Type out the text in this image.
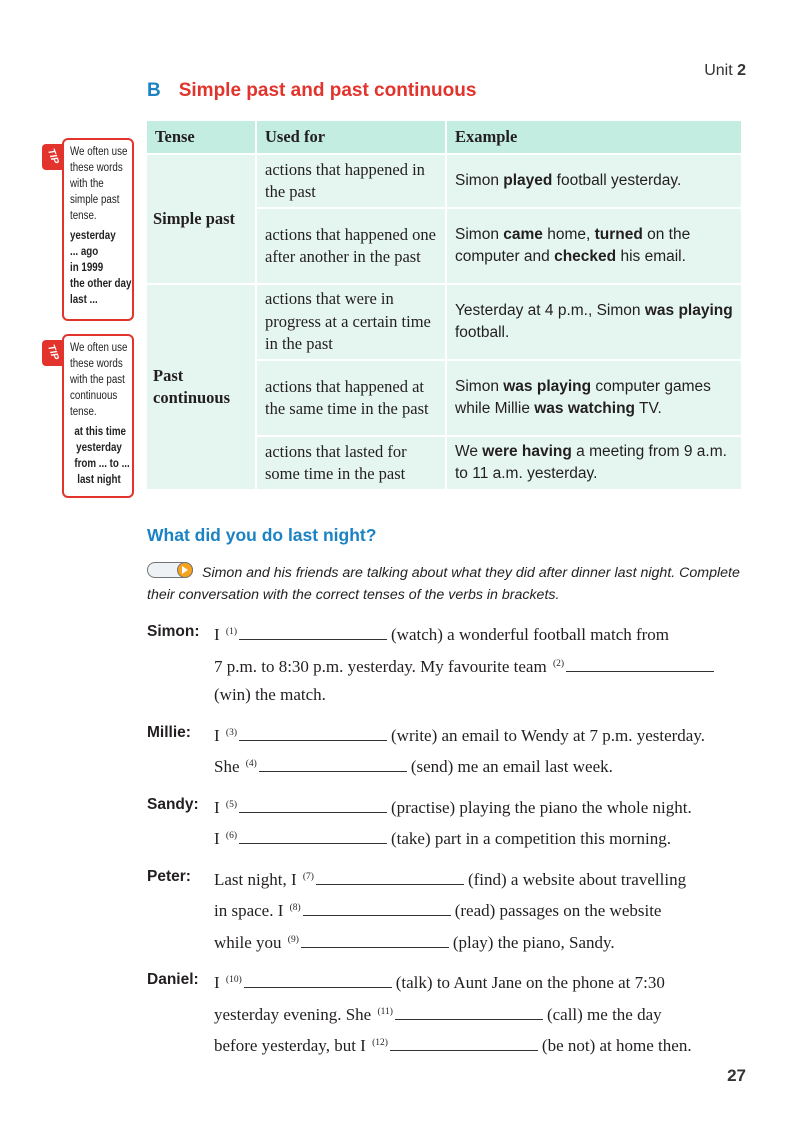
Unit 2
B Simple past and past continuous
Tense	Used for	Example
Simple past	actions that happened in the past	Simon played football yesterday.
	actions that happened one after another in the past	Simon came home, turned on the computer and checked his email.
Past continuous	actions that were in progress at a certain time in the past	Yesterday at 4 p.m., Simon was playing football.
	actions that happened at the same time in the past	Simon was playing computer games while Millie was watching TV.
	actions that lasted for some time in the past	We were having a meeting from 9 a.m. to 11 a.m. yesterday.
TIP We often use
these words
with the
simple past
tense.
yesterday
... ago
in 1999
the other day
last ...
TIP We often use
these words
with the past
continuous
tense.
at this time
yesterday
from ... to ...
last night
What did you do last night?
Simon and his friends are talking about what they did after dinner last night. Complete their conversation with the correct tenses of the verbs in brackets.
Simon: I $^{(1)}$	(watch) a wonderful football match from
7 p.m. to 8:30 p.m. yesterday. My favourite team $^{(2)}$
(win) the match.
Millie:	I $^{(3)}$	(write) an email to Wendy at 7 p.m. yesterday.
She $^{(4)}$	(send) me an email last week.
Sandy: I $^{(5)}$	(practise) playing the piano the whole night.
I $^{(6)}$	(take) part in a competition this morning.
Peter:	Last night, I $^{(7)}$	(find) a website about travelling
in space. I $^{(8)}$	(read) passages on the website
while you $^{(9)}$	(play) the piano, Sandy.
Daniel: I $^{(10)}$	(talk) to Aunt Jane on the phone at 7:30
yesterday evening. She $^{(11)}$	(call) me the day
before yesterday, but I $^{(12)}$	(be not) at home then.
27
